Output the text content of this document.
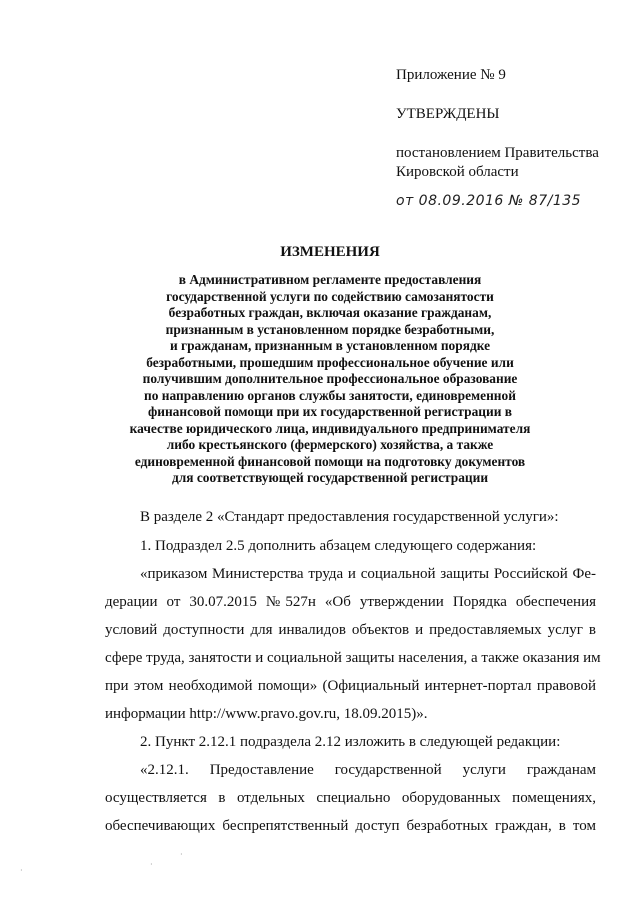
Приложение № 9
УТВЕРЖДЕНЫ
постановлением Правительства
Кировской области
от 08.09.2016 № 87/135
ИЗМЕНЕНИЯ
в Административном регламенте предоставления
государственной услуги по содействию самозанятости
безработных граждан, включая оказание гражданам,
признанным в установленном порядке безработными,
и гражданам, признанным в установленном порядке
безработными, прошедшим профессиональное обучение или
получившим дополнительное профессиональное образование
по направлению органов службы занятости, единовременной
финансовой помощи при их государственной регистрации в
качестве юридического лица, индивидуального предпринимателя
либо крестьянского (фермерского) хозяйства, а также
единовременной финансовой помощи на подготовку документов
для соответствующей государственной регистрации
В разделе 2 «Стандарт предоставления государственной услуги»:
1. Подраздел 2.5 дополнить абзацем следующего содержания:
«приказом Министерства труда и социальной защиты Российской Фе-
дерации от 30.07.2015 №527н «Об утверждении Порядка обеспечения
условий доступности для инвалидов объектов и предоставляемых услуг в
сфере труда, занятости и социальной защиты населения, а также оказания им
при этом необходимой помощи» (Официальный интернет-портал правовой
информации http://www.pravo.gov.ru, 18.09.2015)».
2. Пункт 2.12.1 подраздела 2.12 изложить в следующей редакции:
«2.12.1. Предоставление государственной услуги гражданам
осуществляется в отдельных специально оборудованных помещениях,
обеспечивающих беспрепятственный доступ безработных граждан, в том
·
·
·
